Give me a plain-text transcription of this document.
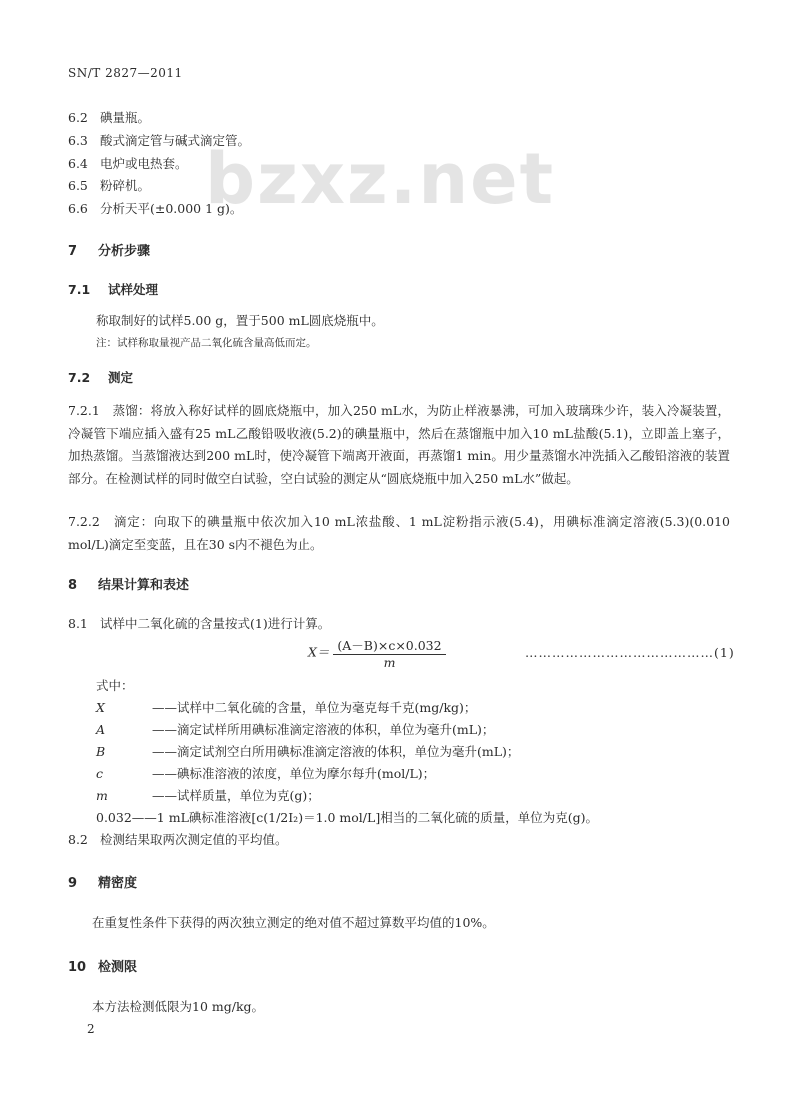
bzxz.net
SN/T 2827—2011
6.2 碘量瓶。
6.3 酸式滴定管与碱式滴定管。
6.4 电炉或电热套。
6.5 粉碎机。
6.6 分析天平(±0.000 1 g)。
7 分析步骤
7.1 试样处理
称取制好的试样5.00 g，置于500 mL圆底烧瓶中。
注：试样称取量视产品二氧化硫含量高低而定。
7.2 测定
7.2.1　蒸馏：将放入称好试样的圆底烧瓶中，加入250 mL水，为防止样液暴沸，可加入玻璃珠少许，装入冷凝装置，冷凝管下端应插入盛有25 mL乙酸铅吸收液(5.2)的碘量瓶中，然后在蒸馏瓶中加入10 mL盐酸(5.1)，立即盖上塞子，加热蒸馏。当蒸馏液达到200 mL时，使冷凝管下端离开液面，再蒸馏1 min。用少量蒸馏水冲洗插入乙酸铅溶液的装置部分。在检测试样的同时做空白试验，空白试验的测定从“圆底烧瓶中加入250 mL水”做起。
7.2.2　滴定：向取下的碘量瓶中依次加入10 mL浓盐酸、1 mL淀粉指示液(5.4)，用碘标准滴定溶液(5.3)(0.010 mol/L)滴定至变蓝，且在30 s内不褪色为止。
8 结果计算和表述
8.1 试样中二氧化硫的含量按式(1)进行计算。
$X= \frac{(A-B)\times c\times 0.032}{m}$	……………………………………(1)
式中：
X	——试样中二氧化硫的含量，单位为毫克每千克(mg/kg)；
A	——滴定试样所用碘标准滴定溶液的体积，单位为毫升(mL)；
B	——滴定试剂空白所用碘标准滴定溶液的体积，单位为毫升(mL)；
c	——碘标准溶液的浓度，单位为摩尔每升(mol/L)；
m	——试样质量，单位为克(g)；
0.032——1 mL碘标准溶液[c(1/2I₂)＝1.0 mol/L]相当的二氧化硫的质量，单位为克(g)。
8.2 检测结果取两次测定值的平均值。
9 精密度
在重复性条件下获得的两次独立测定的绝对值不超过算数平均值的10%。
10 检测限
本方法检测低限为10 mg/kg。
2
